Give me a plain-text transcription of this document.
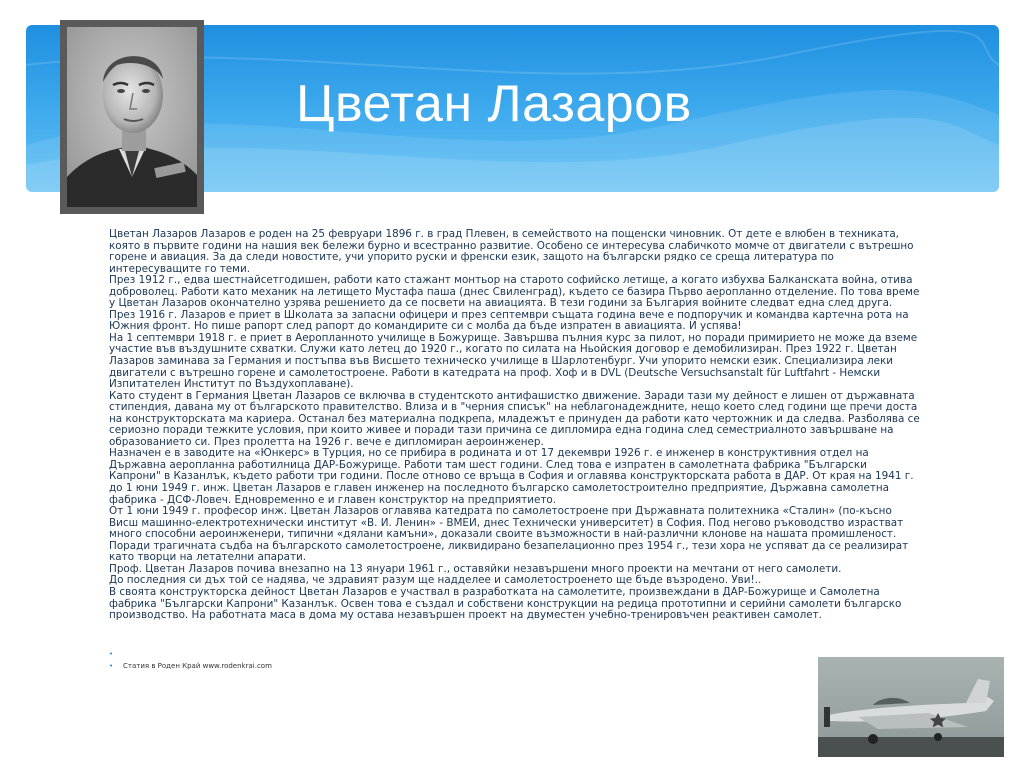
Цветан Лазаров

Цветан Лазаров Лазаров е роден на 25 февруари 1896 г. в град Плевен, в семейството на пощенски чиновник. От дете е влюбен в техниката, която в първите години на нашия век бележи бурно и всестранно развитие. Особено се интересува слабичкото момче от двигатели с вътрешно горене и авиация. За да следи новостите, учи упорито руски и френски език, защото на български рядко се среща литература по интересуващите го теми.

През 1912 г., едва шестнайсетгодишен, работи като стажант монтьор на старото софийско летище, а когато избухва Балканската война, отива доброволец. Работи като механик на летището Мустафа паша (днес Свиленград), където се базира Първо аеропланно отделение. По това време у Цветан Лазаров окончателно узрява решението да се посвети на авиацията. В тези години за България войните следват една след друга. През 1916 г. Лазаров е приет в Школата за запасни офицери и през септември същата година вече е подпоручик и командва картечна рота на Южния фронт. Но пише рапорт след рапорт до командирите си с молба да бъде изпратен в авиацията. И успява!

На 1 септември 1918 г. е приет в Аеропланното училище в Божурище. Завършва пълния курс за пилот, но поради примирието не може да вземе участие във въздушните схватки. Служи като летец до 1920 г., когато по силата на Ньойския договор е демобилизиран. През 1922 г. Цветан Лазаров заминава за Германия и постъпва във Висшето техническо училище в Шарлотенбург. Учи упорито немски език. Специализира леки двигатели с вътрешно горене и самолетостроене. Работи в катедрата на проф. Хоф и в DVL (Deutsche Versuchsanstalt für Luftfahrt - Немски Изпитателен Институт по Въздухоплаване).

Като студент в Германия Цветан Лазаров се включва в студентското антифашистко движение. Заради тази му дейност е лишен от държавната стипендия, давана му от българското правителство. Влиза и в "черния списък" на неблагонадеждните, нещо което след години ще пречи доста на конструкторската ма кариера. Останал без материална подкрепа, младежът е принуден да работи като чертожник и да следва. Разболява се сериозно поради тежките условия, при които живее и поради тази причина се дипломира една година след семестриалното завършване на образованието си. През пролетта на 1926 г. вече е дипломиран аероинженер.

Назначен е в заводите на «Юнкерс» в Турция, но се прибира в родината и от 17 декември 1926 г. е инженер в конструктивния отдел на Държавна аеропланна работилница ДАР-Божурище. Работи там шест години. След това е изпратен в самолетната фабрика "Български Капрони" в Казанлък, където работи три години. После отново се връща в София и оглавява конструкторската работа в ДАР. От края на 1941 г. до 1 юни 1949 г. инж. Цветан Лазаров е главен инженер на последното българско самолетостроително предприятие, Държавна самолетна фабрика - ДСФ-Ловеч. Едновременно е и главен конструктор на предприятието.

От 1 юни 1949 г. професор инж. Цветан Лазаров оглавява катедрата по самолетостроене при Държавната политехника «Сталин» (по-късно Висш машинно-електротехнически институт «В. И. Ленин» - ВМЕИ, днес Технически университет) в София. Под негово ръководство израстват много способни аероинженери, типични «дялани камъни», доказали своите възможности в най-различни клонове на нашата промишленост. Поради трагичната съдба на българското самолетостроене, ликвидирано безапелационно през 1954 г., тези хора не успяват да се реализират като творци на летателни апарати.

Проф. Цветан Лазаров почива внезапно на 13 януари 1961 г., оставяйки незавършени много проекти на мечтани от него самолети.

До последния си дъх той се надява, че здравият разум ще надделее и самолетостроенето ще бъде възродено. Уви!..

В своята конструкторска дейност Цветан Лазаров е участвал в разработката на самолетите, произвеждани в ДАР-Божурище и Самолетна фабрика "Български Капрони" Казанлък. Освен това е създал и собствени конструкции на редица прототипни и серийни самолети българско производство. На работната маса в дома му остава незавършен проект на двуместен учебно-тренировъчен реактивен самолет.

•
•	Статия в Роден Край www.rodenkrai.com
